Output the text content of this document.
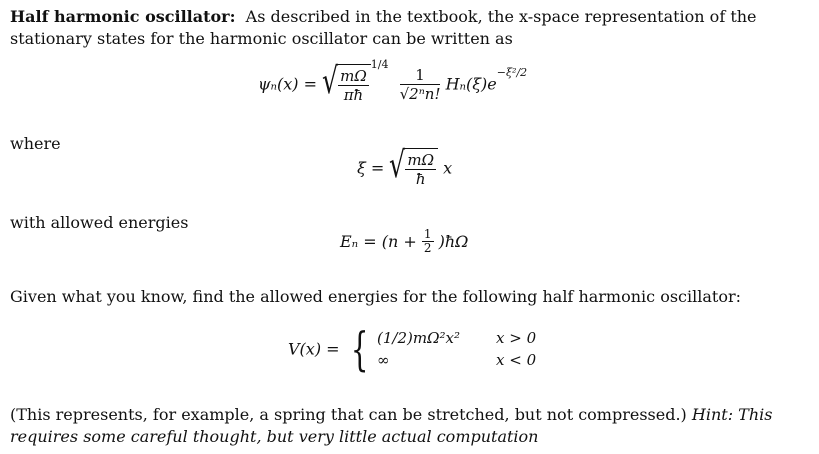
Half harmonic oscillator: As described in the textbook, the x-space representation of the stationary states for the harmonic oscillator can be written as
ψₙ(x) = √ $\frac{m\Omega}{\pi ħ}$
$^{1/4}$
$\frac{1}{\text{√2ⁿn!}} H_n(\xi)e^{-\xi^2/2}$
where
ξ = √ $\frac{m\Omega}{ħ}$ x
with allowed energies
$E_n = (n + \frac{1}{2}$ )ħΩ
Given what you know, find the allowed energies for the following half harmonic oscillator:
V(x) = { (1/2)mΩ²x²	x > 0
∞	x < 0
(This represents, for example, a spring that can be stretched, but not compressed.) Hint: This requires some careful thought, but very little actual computation
